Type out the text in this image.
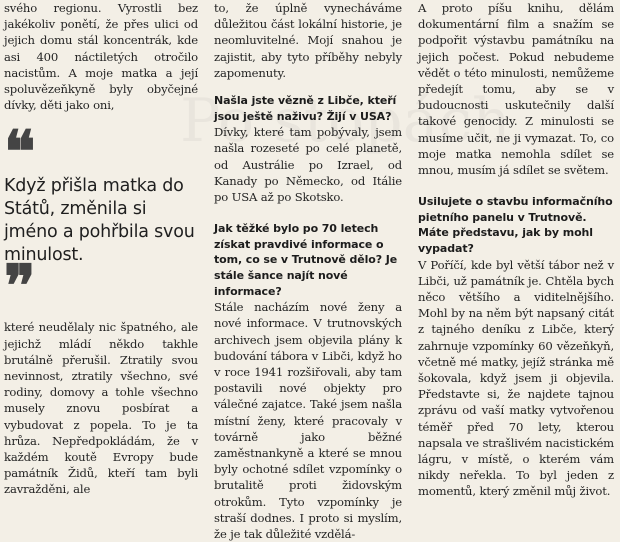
svého regionu. Vyrostli bez jakékoliv ponětí, že přes ulici od jejich domu stál koncentrák, kde asi 400 náctiletých otročilo nacistům. A moje matka a její spoluvězeňkyně byly obyčejné dívky, děti jako oni,

❛❛
Když přišla matka do Států, změnila si jméno a pohřbila svou minulost.
❜❜

které neudělaly nic špatného, ale jejichž mládí někdo takhle brutálně přerušil. Ztratily svou nevinnost, ztratily všechno, své rodiny, domovy a tohle všechno musely znovu posbírat a vybudovat z popela. To je ta hrůza. Nepředpokládám, že v každém koutě Evropy bude památník Židů, kteří tam byli zavražděni, ale

to, že úplně vynecháváme důležitou část lokální historie, je neomluvitelné. Mojí snahou je zajistit, aby tyto příběhy nebyly zapomenuty.

Našla jste vězně z Libče, kteří jsou ještě naživu? Žijí v USA?

Dívky, které tam pobývaly, jsem našla rozeseté po celé planetě, od Austrálie po Izrael, od Kanady po Německo, od Itálie po USA až po Skotsko.

Jak těžké bylo po 70 letech získat pravdivé informace o tom, co se v Trutnově dělo? Je stále šance najít nové informace?

Stále nacházím nové ženy a nové informace. V trutnovských archivech jsem objevila plány k budování tábora v Libči, když ho v roce 1941 rozšiřovali, aby tam postavili nové objekty pro válečné zajatce. Také jsem našla místní ženy, které pracovaly v továrně jako běžné zaměstnankyně a které se mnou byly ochotné sdílet vzpomínky o brutalitě proti židovským otrokům. Tyto vzpomínky je straší dodnes. I proto si myslím, že je tak důležité vzdělá-

A proto píšu knihu, dělám dokumentární film a snažím se podpořit výstavbu památníku na jejich počest. Pokud nebudeme vědět o této minulosti, nemůžeme předejít tomu, aby se v budoucnosti uskutečnily další takové genocidy. Z minulosti se musíme učit, ne ji vymazat. To, co moje matka nemohla sdílet se mnou, musím já sdílet se světem.

Usilujete o stavbu informačního pietního panelu v Trutnově. Máte představu, jak by mohl vypadat?

V Poříčí, kde byl větší tábor než v Libči, už památník je. Chtěla bych něco většího a viditelnějšího. Mohl by na něm být napsaný citát z tajného deníku z Libče, který zahrnuje vzpomínky 60 vězeňkyň, včetně mé matky, jejíž stránka mě šokovala, když jsem ji objevila. Představte si, že najdete tajnou zprávu od vaší matky vytvořenou téměř před 70 lety, kterou napsala ve strašlivém nacistickém lágru, v místě, o kterém vám nikdy neřekla. To byl jeden z momentů, který změnil můj život.
